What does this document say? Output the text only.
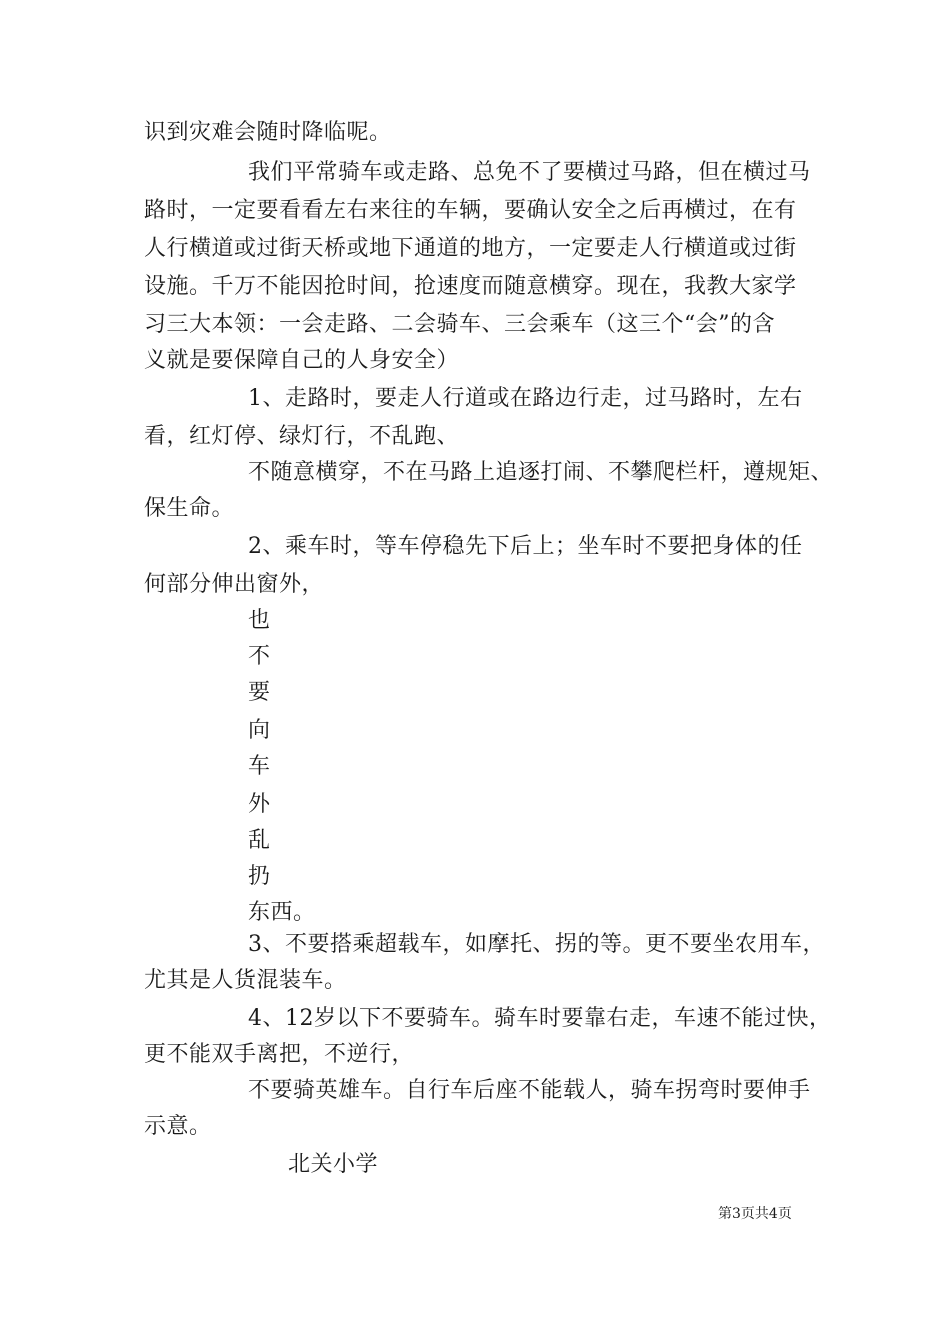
识到灾难会随时降临呢。
我们平常骑车或走路、总免不了要横过马路，但在横过马
路时，一定要看看左右来往的车辆，要确认安全之后再横过，在有
人行横道或过街天桥或地下通道的地方，一定要走人行横道或过街
设施。千万不能因抢时间，抢速度而随意横穿。现在，我教大家学
习三大本领：一会走路、二会骑车、三会乘车（这三个“会”的含
义就是要保障自己的人身安全）
1、走路时，要走人行道或在路边行走，过马路时，左右
看，红灯停、绿灯行，不乱跑、
不随意横穿，不在马路上追逐打闹、不攀爬栏杆，遵规矩、
保生命。
2、乘车时，等车停稳先下后上；坐车时不要把身体的任
何部分伸出窗外，
也
不
要
向
车
外
乱
扔
东西。
3、不要搭乘超载车，如摩托、拐的等。更不要坐农用车，
尤其是人货混装车。
4、12岁以下不要骑车。骑车时要靠右走，车速不能过快，
更不能双手离把，不逆行，
不要骑英雄车。自行车后座不能载人，骑车拐弯时要伸手
示意。
北关小学
第3页共4页
